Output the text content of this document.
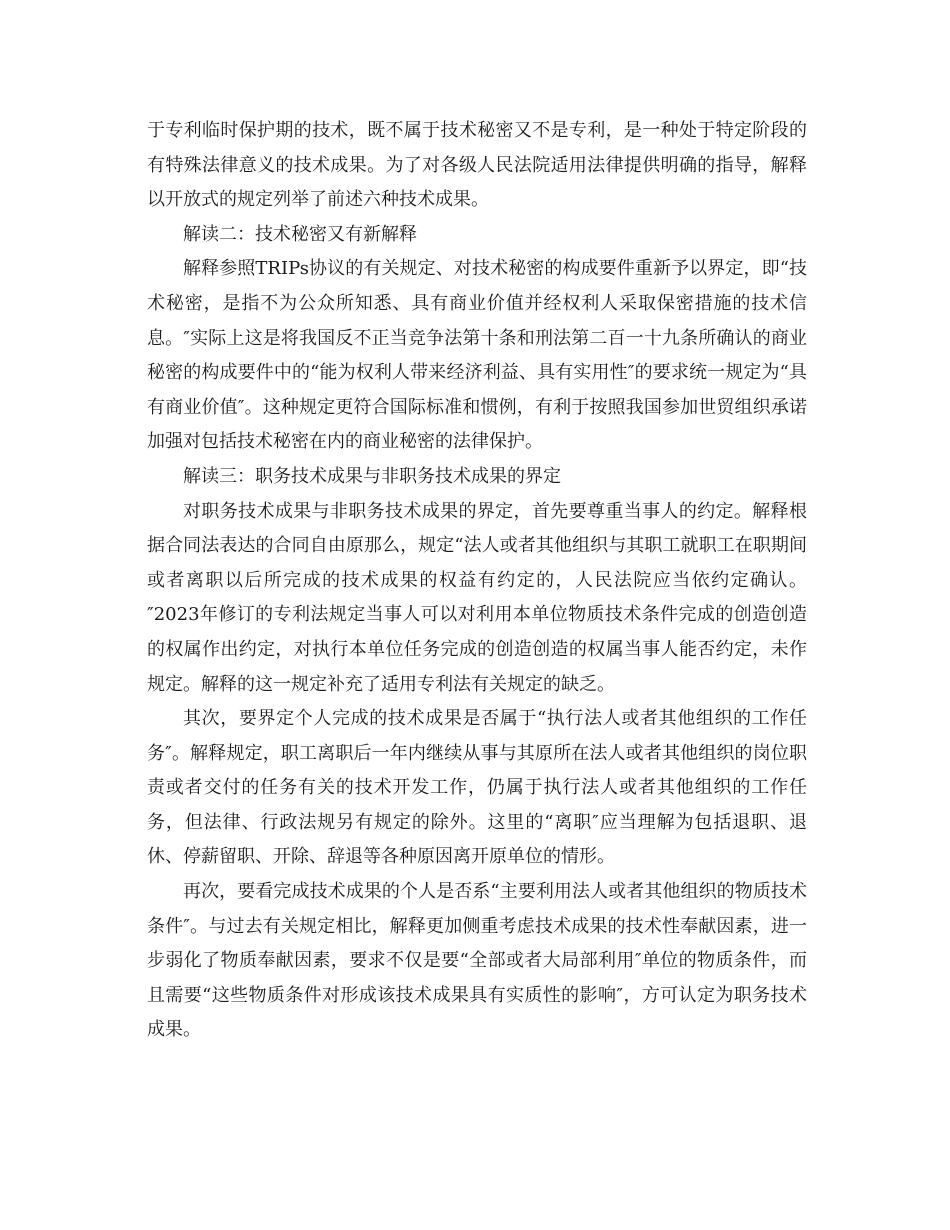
于专利临时保护期的技术，既不属于技术秘密又不是专利，是一种处于特定阶段的有特殊法律意义的技术成果。为了对各级人民法院适用法律提供明确的指导，解释以开放式的规定列举了前述六种技术成果。

解读二：技术秘密又有新解释

解释参照TRIPs协议的有关规定、对技术秘密的构成要件重新予以界定，即“技术秘密，是指不为公众所知悉、具有商业价值并经权利人采取保密措施的技术信息。″实际上这是将我国反不正当竞争法第十条和刑法第二百一十九条所确认的商业秘密的构成要件中的“能为权利人带来经济利益、具有实用性″的要求统一规定为“具有商业价值″。这种规定更符合国际标准和惯例，有利于按照我国参加世贸组织承诺加强对包括技术秘密在内的商业秘密的法律保护。

解读三：职务技术成果与非职务技术成果的界定

对职务技术成果与非职务技术成果的界定，首先要尊重当事人的约定。解释根据合同法表达的合同自由原那么，规定“法人或者其他组织与其职工就职工在职期间或者离职以后所完成的技术成果的权益有约定的，人民法院应当依约定确认。″2023年修订的专利法规定当事人可以对利用本单位物质技术条件完成的创造创造的权属作出约定，对执行本单位任务完成的创造创造的权属当事人能否约定，未作规定。解释的这一规定补充了适用专利法有关规定的缺乏。

其次，要界定个人完成的技术成果是否属于“执行法人或者其他组织的工作任务″。解释规定，职工离职后一年内继续从事与其原所在法人或者其他组织的岗位职责或者交付的任务有关的技术开发工作，仍属于执行法人或者其他组织的工作任务，但法律、行政法规另有规定的除外。这里的“离职″应当理解为包括退职、退休、停薪留职、开除、辞退等各种原因离开原单位的情形。

再次，要看完成技术成果的个人是否系“主要利用法人或者其他组织的物质技术条件″。与过去有关规定相比，解释更加侧重考虑技术成果的技术性奉献因素，进一步弱化了物质奉献因素，要求不仅是要“全部或者大局部利用″单位的物质条件，而且需要“这些物质条件对形成该技术成果具有实质性的影响″，方可认定为职务技术成果。
